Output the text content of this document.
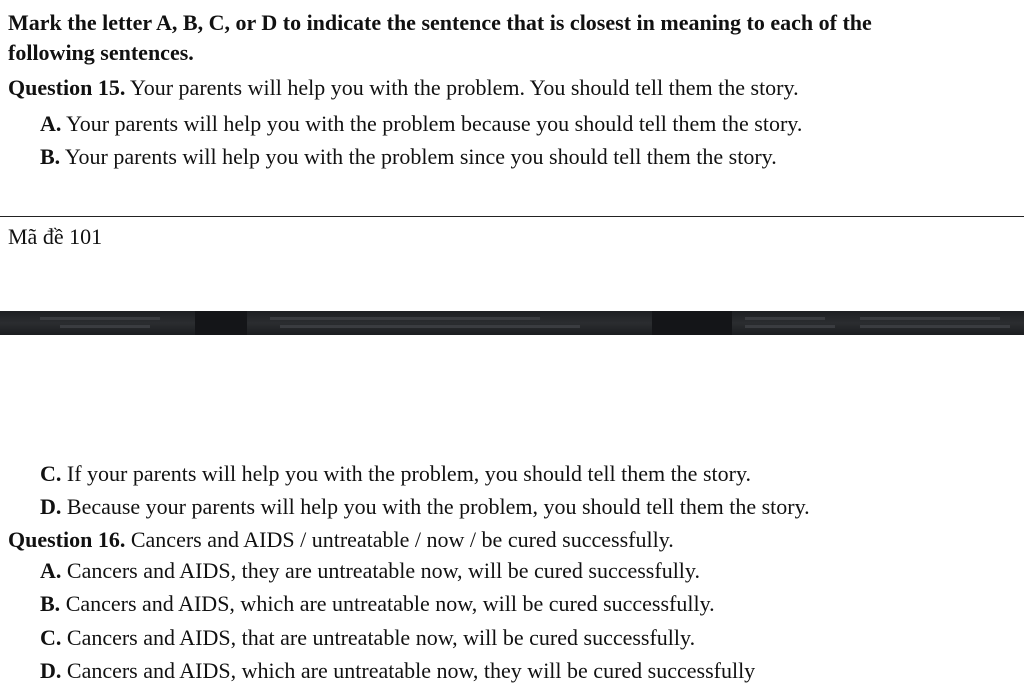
Mark the letter A, B, C, or D to indicate the sentence that is closest in meaning to each of the
following sentences.
Question 15. Your parents will help you with the problem. You should tell them the story.
A. Your parents will help you with the problem because you should tell them the story.
B. Your parents will help you with the problem since you should tell them the story.
Mã đề 101
C. If your parents will help you with the problem, you should tell them the story.
D. Because your parents will help you with the problem, you should tell them the story.
Question 16. Cancers and AIDS / untreatable / now / be cured successfully.
A. Cancers and AIDS, they are untreatable now, will be cured successfully.
B. Cancers and AIDS, which are untreatable now, will be cured successfully.
C. Cancers and AIDS, that are untreatable now, will be cured successfully.
D. Cancers and AIDS, which are untreatable now, they will be cured successfully
